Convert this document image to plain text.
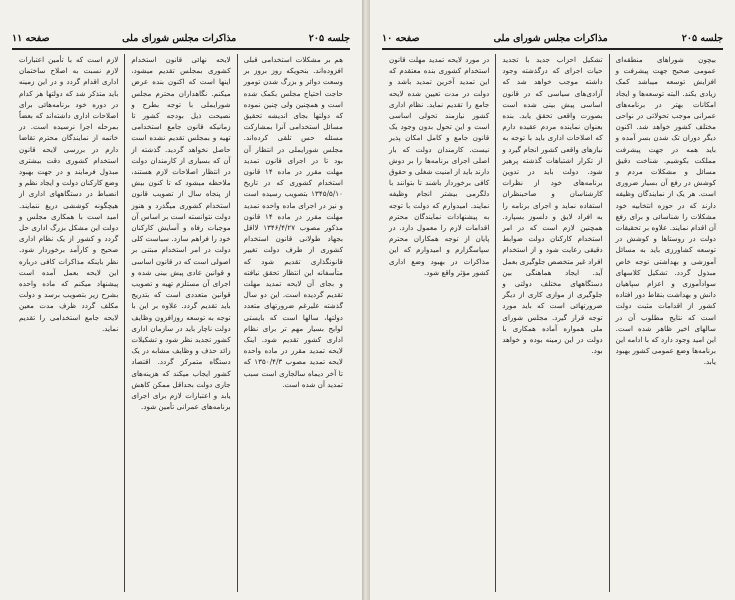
جلسه ۲۰۵
مذاکرات مجلس شورای ملی
صفحه ۱۱

هم بر مشکلات استخدامی قبلی افزوده‌اند. بنحویکه روز بروز بر وسعت دوائر و بزرگ شدن تومور حاجت احتیاج مجلس بکمک شده است و همچنین ولی چنین نموده که دولتها بجای اندیشه تحقیق مسائل استخدامی آنرا بمشارکت مسئله حس تلقی کرده‌اند. مجلس شورایملی در انتظار آن بود تا در اجرای قانون تمدید مهلت مقرر در ماده ۱۴ قانون استخدام کشوری که در تاریخ ۱۳۴۵/۵/۱۰ بتصویب رسیده است و نیز در اجرای ماده واحده تمدید مهلت مقرر در ماده ۱۴ قانون مذکور مصوب ۱۳۴۶/۴/۲۷ لااقل بجهاد طولانی قانون استخدام کشوری از طرف دولت تغییر قانونگذاری تقدیم شود که متأسفانه این انتظار تحقق نیافته و بجای آن لایحه تمدید مهلت تقدیم گردیده است. این دو سال گذشته علیرغم ضرورتهای متعدد دولتها، سالها است که بایستی لوایح بسیار مهم تر برای نظام اداری کشور تقدیم شود. اینک لایحه تمدید مقرر در ماده واحده لایحه تمدید مصوب ۱۳۵۰/۴/۳ که تا آخر دیماه سالجاری است سبب تمدید آن شده است.

لایحه نهائی قانون استخدام کشوری بمجلس تقدیم میشود، اینها است که اکنون بنده عرض میکنم. نگاهداران محترم مجلس شورایملی با توجه بطرح و نصیحت ذیل بودجه کشور تا زمانیکه قانون جامع استخدامی تهیه و بمجلس تقدیم نشده است حاصل نخواهد گردید. گذشته از آن که بسیاری از کارمندان دولت در انتظار اصلاحات لازم هستند، ملاحظه میشود که تا کنون بیش از پنجاه سال از تصویب قانون استخدام کشوری میگذرد و هنوز دولت نتوانسته است بر اساس آن موجبات رفاه و آسایش کارکنان خود را فراهم سازد. سیاست کلی دولت در امر استخدام مبتنی بر اصولی است که در قانون اساسی و قوانین عادی پیش بینی شده و اجرای آن مستلزم تهیه و تصویب قوانین متعددی است که بتدریج باید تقدیم گردد. علاوه بر این با توجه به توسعه روزافزون وظایف دولت ناچار باید در سازمان اداری کشور تجدید نظر شود و تشکیلات زائد حذف و وظایف مشابه در یک دستگاه متمرکز گردد. اقتصاد کشور ایجاب میکند که هزینه‌های جاری دولت بحداقل ممکن کاهش یابد و اعتبارات لازم برای اجرای برنامه‌های عمرانی تأمین شود.

لازم است که با تأمین اعتبارات لازم نسبت به اصلاح ساختمان اداری اقدام گردد و در این زمینه باید متذکر شد که دولتها هر کدام در دوره خود برنامه‌هائی برای اصلاحات اداری داشته‌اند که بعضاً بمرحله اجرا نرسیده است. در خاتمه از نمایندگان محترم تقاضا دارم در بررسی لایحه قانون استخدام کشوری دقت بیشتری مبذول فرمایند و در جهت بهبود وضع کارکنان دولت و ایجاد نظم و انضباط در دستگاههای اداری از هیچگونه کوششی دریغ ننمایند. امید است با همکاری مجلس و دولت این مشکل بزرگ اداری حل گردد و کشور از یک نظام اداری صحیح و کارآمد برخوردار شود. نظر باینکه مذاکرات کافی درباره این لایحه بعمل آمده است پیشنهاد میکنم که ماده واحده بشرح زیر بتصویب برسد و دولت مکلف گردد ظرف مدت معین لایحه جامع استخدامی را تقدیم نماید.

جلسه ۲۰۵
مذاکرات مجلس شورای ملی
صفحه ۱۰

بیچون شوراهای منطقه‌ای عمومی صحیح جهت پیشرفت و افزایش توسعه میباشد کمک زیادی بکند. البته توسعه‌ها و ایجاد امکانات بهتر در برنامه‌های عمرانی موجب تحولاتی در نواحی مختلف کشور خواهد شد. اکنون دیگر دوران تک شدن بسر آمده و باید همه در جهت پیشرفت مملکت بکوشیم. شناخت دقیق مسائل و مشکلات مردم و کوشش در رفع آن بسیار ضروری است. هر یک از نمایندگان وظیفه دارند که در حوزه انتخابیه خود مشکلات را شناسائی و برای رفع آن اقدام نمایند. علاوه بر تحقیقات دولت در روستاها و کوشش در توسعه کشاورزی باید به مسائل آموزشی و بهداشتی توجه خاص مبذول گردد. تشکیل کلاسهای سوادآموزی و اعزام سپاهیان دانش و بهداشت بنقاط دور افتاده کشور از اقدامات مثبت دولت است که نتایج مطلوب آن در سالهای اخیر ظاهر شده است. این امید وجود دارد که با ادامه این برنامه‌ها وضع عمومی کشور بهبود یابد.

تشکیل احزاب جدید با تجدید حیات اجرای که درگذشته وجود داشته موجب خواهد شد که آزادی‌های سیاسی که در قانون اساسی پیش بینی شده است بصورت واقعی تحقق یابد. بنده بعنوان نماینده مردم عقیده دارم که اصلاحات اداری باید با توجه به نیازهای واقعی کشور انجام گیرد و از تکرار اشتباهات گذشته پرهیز شود. دولت باید در تدوین برنامه‌های خود از نظرات کارشناسان و صاحبنظران استفاده نماید و اجرای برنامه را به افراد لایق و دلسوز بسپارد. همچنین لازم است که در امر استخدام کارکنان دولت ضوابط دقیقی رعایت شود و از استخدام افراد غیر متخصص جلوگیری بعمل آید. ایجاد هماهنگی بین دستگاههای مختلف دولتی و جلوگیری از موازی کاری از دیگر ضرورتهائی است که باید مورد توجه قرار گیرد. مجلس شورای ملی همواره آماده همکاری با دولت در این زمینه بوده و خواهد بود.

در مورد لایحه تمدید مهلت قانون استخدام کشوری بنده معتقدم که این تمدید آخرین تمدید باشد و دولت در مدت تعیین شده لایحه جامع را تقدیم نماید. نظام اداری کشور نیازمند تحولی اساسی است و این تحول بدون وجود یک قانون جامع و کامل امکان پذیر نیست. کارمندان دولت که بار اصلی اجرای برنامه‌ها را بر دوش دارند باید از امنیت شغلی و حقوق کافی برخوردار باشند تا بتوانند با دلگرمی بیشتر انجام وظیفه نمایند. امیدوارم که دولت با توجه به پیشنهادات نمایندگان محترم اقدامات لازم را معمول دارد. در پایان از توجه همکاران محترم سپاسگزارم و امیدوارم که این مذاکرات در بهبود وضع اداری کشور مؤثر واقع شود.
